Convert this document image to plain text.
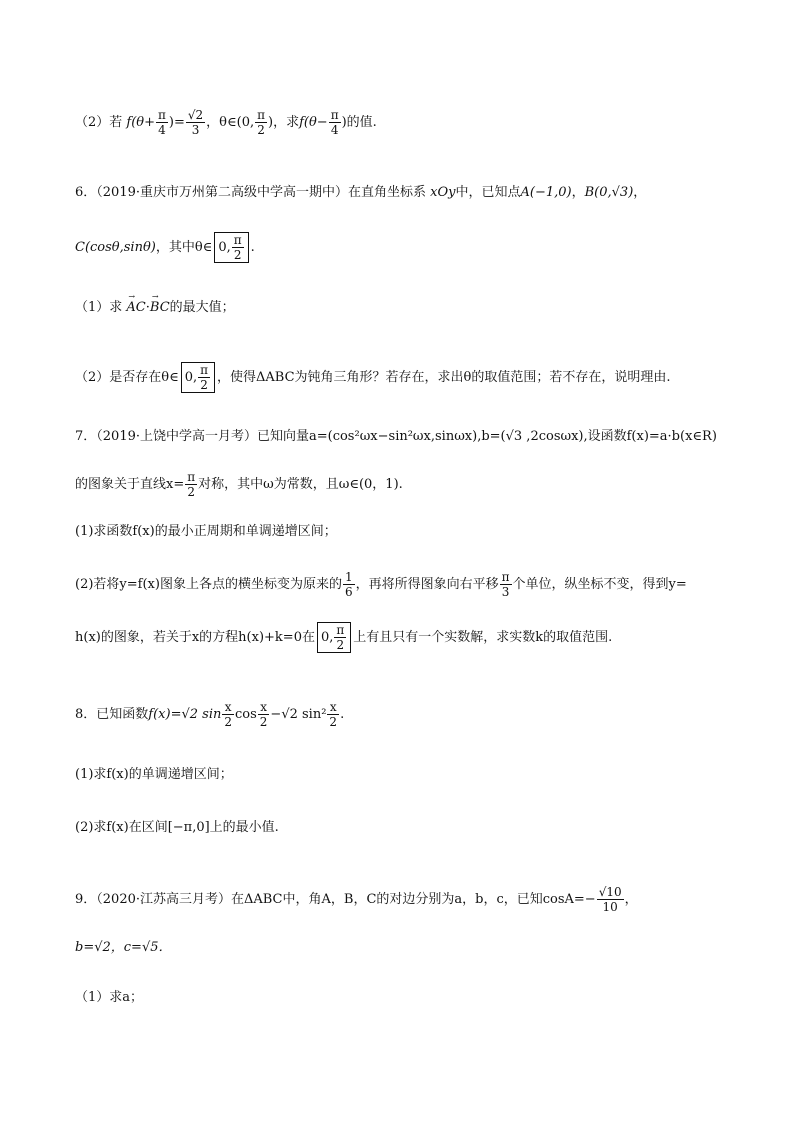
（2）若 $f(\theta+ \frac{\pi}{4}$ )= $\frac{√2}{3}$ ，θ∈(0, $\frac{\pi}{2}$ )，求$f(\theta- \frac{\pi}{4}$ )的值.
6．（2019·重庆市万州第二高级中学高一期中）在直角坐标系 xOy中，已知点A(−1,0)，B(0,√3)，
C(cosθ,sinθ)，其中θ∈ 0, $\frac{\pi}{2}$ .
（1）求 → AC·→ BC的最大值；
（2）是否存在θ∈ 0, $\frac{\pi}{2}$ ，使得ΔABC为钝角三角形？若存在，求出θ的取值范围；若不存在，说明理由.
7．（2019·上饶中学高一月考）已知向量a=(cos²ωx−sin²ωx,sinωx),b=(√3 ,2cosωx),设函数f(x)=a·b(x∈R)
的图象关于直线$x= \frac{\pi}{2}$ 对称，其中ω为常数，且ω∈(0，1).
(1)求函数f(x)的最小正周期和单调递增区间；
(2)若将y=f(x)图象上各点的横坐标变为原来的 $\frac{1}{6}$ ，再将所得图象向右平移 $\frac{\pi}{3}$ 个单位，纵坐标不变，得到y=
h(x)的图象，若关于x的方程h(x)+k=0在 0, $\frac{\pi}{2}$ 上有且只有一个实数解，求实数k的取值范围.
8．已知函数f(x)=√2 $\sin \frac{x}{2}$ $\cos \frac{x}{2} -√2$ $\sin^2 \frac{x}{2}$ .
(1)求f(x)的单调递增区间；
(2)求f(x)在区间[−π,0]上的最小值.
9．（2020·江苏高三月考）在ΔABC中，角A，B，C的对边分别为a，b，c，已知$\cos A=- \frac{√10}{10}$ ，
b=√2，c=√5．
（1）求a；
